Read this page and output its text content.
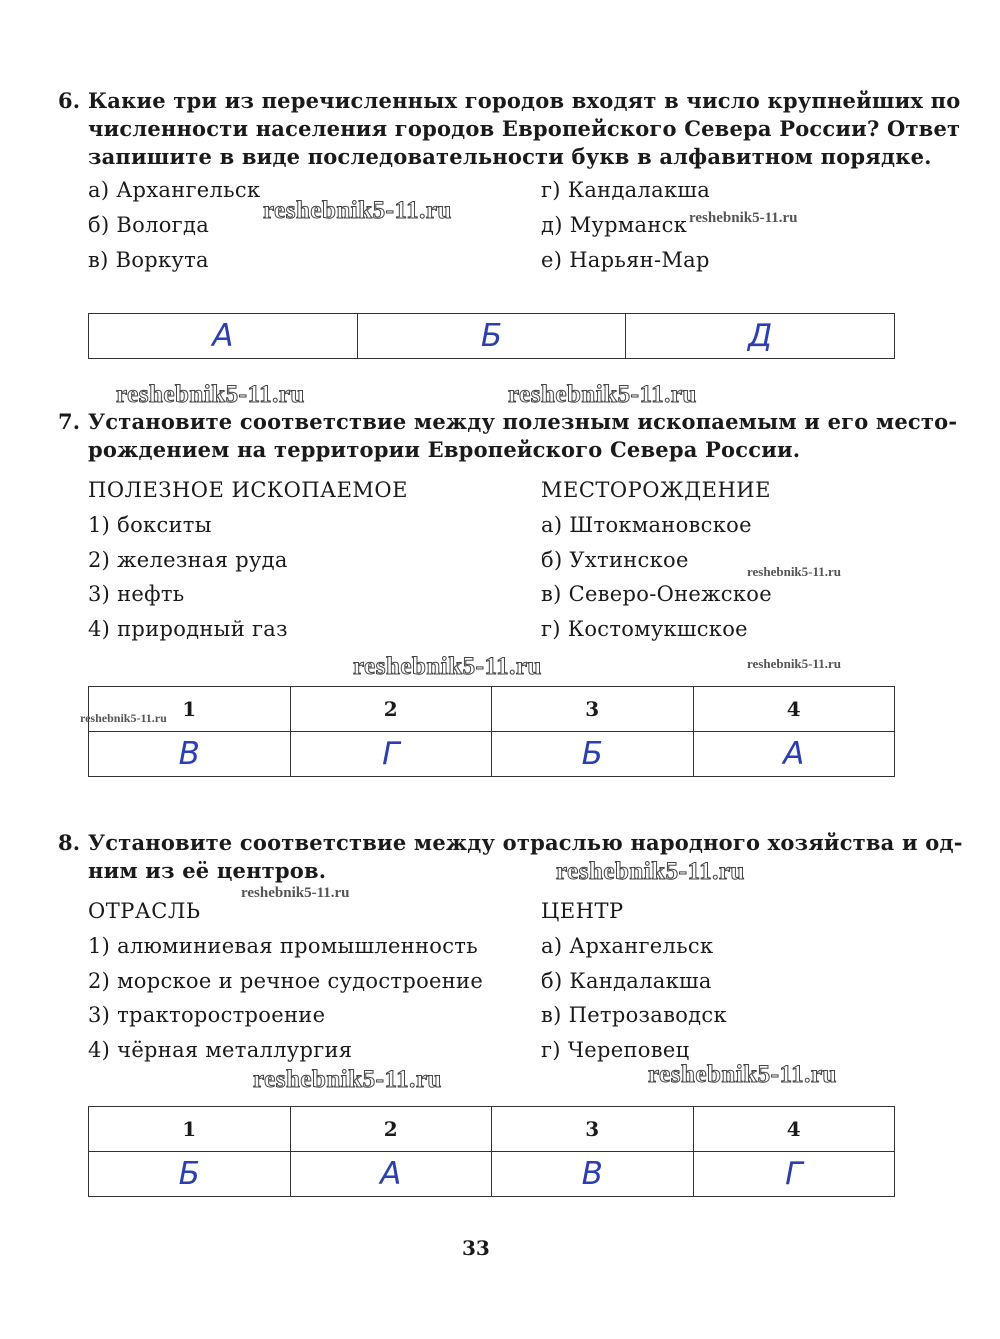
6. Какие три из перечисленных городов входят в число крупнейших по
численности населения городов Европейского Севера России? Ответ
запишите в виде последовательности букв в алфавитном порядке.
а) Архангельск
б) Вологда
в) Воркута
г) Кандалакша
д) Мурманск
е) Нарьян-Мар
А	Б	Д
7. Установите соответствие между полезным ископаемым и его место-
рождением на территории Европейского Севера России.
ПОЛЕЗНОЕ ИСКОПАЕМОЕ	МЕСТОРОЖДЕНИЕ
1) бокситы
2) железная руда
3) нефть
4) природный газ
а) Штокмановское
б) Ухтинское
в) Северо-Онежское
г) Костомукшское
1	2	3	4
В	Г	Б	А
8. Установите соответствие между отраслью народного хозяйства и од-
ним из её центров.
ОТРАСЛЬ	ЦЕНТР
1) алюминиевая промышленность
2) морское и речное судостроение
3) тракторостроение
4) чёрная металлургия
а) Архангельск
б) Кандалакша
в) Петрозаводск
г) Череповец
1	2	3	4
Б	А	В	Г
33
reshebnik5-11.ru	reshebnik5-11.ru
reshebnik5-11.ru	reshebnik5-11.ru
reshebnik5-11.ru
reshebnik5-11.ru	reshebnik5-11.ru
reshebnik5-11.ru
reshebnik5-11.ru
reshebnik5-11.ru
reshebnik5-11.ru	reshebnik5-11.ru
